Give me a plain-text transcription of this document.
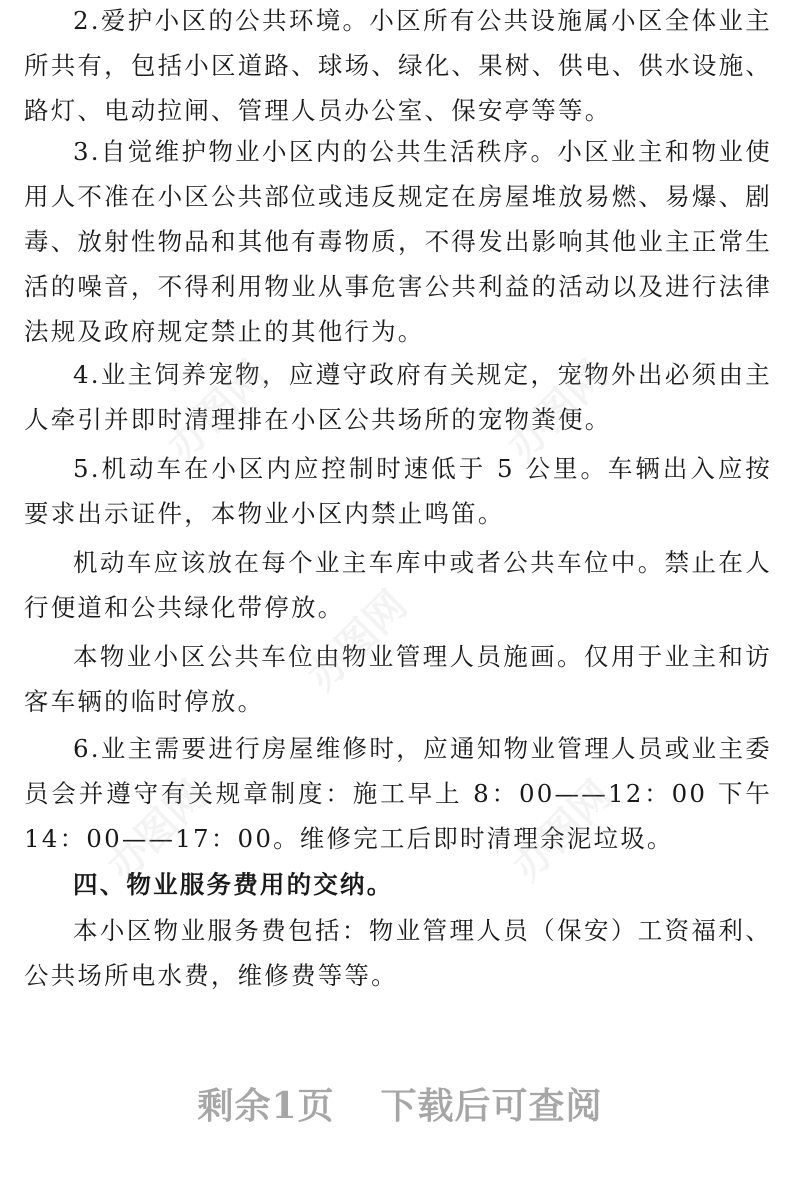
2.爱护小区的公共环境。小区所有公共设施属小区全体业主所共有，包括小区道路、球场、绿化、果树、供电、供水设施、路灯、电动拉闸、管理人员办公室、保安亭等等。

3.自觉维护物业小区内的公共生活秩序。小区业主和物业使用人不准在小区公共部位或违反规定在房屋堆放易燃、易爆、剧毒、放射性物品和其他有毒物质，不得发出影响其他业主正常生活的噪音，不得利用物业从事危害公共利益的活动以及进行法律法规及政府规定禁止的其他行为。

4.业主饲养宠物，应遵守政府有关规定，宠物外出必须由主人牵引并即时清理排在小区公共场所的宠物粪便。

5.机动车在小区内应控制时速低于 5 公里。车辆出入应按要求出示证件，本物业小区内禁止鸣笛。

机动车应该放在每个业主车库中或者公共车位中。禁止在人行便道和公共绿化带停放。

本物业小区公共车位由物业管理人员施画。仅用于业主和访客车辆的临时停放。

6.业主需要进行房屋维修时，应通知物业管理人员或业主委员会并遵守有关规章制度：施工早上 8：00——12：00 下午 14：00——17：00。维修完工后即时清理余泥垃圾。

四、物业服务费用的交纳。

本小区物业服务费包括：物业管理人员（保安）工资福利、公共场所电水费，维修费等等。

办图网	办图网
办图网
办图网	办图网
剩余1页 下载后可查阅
